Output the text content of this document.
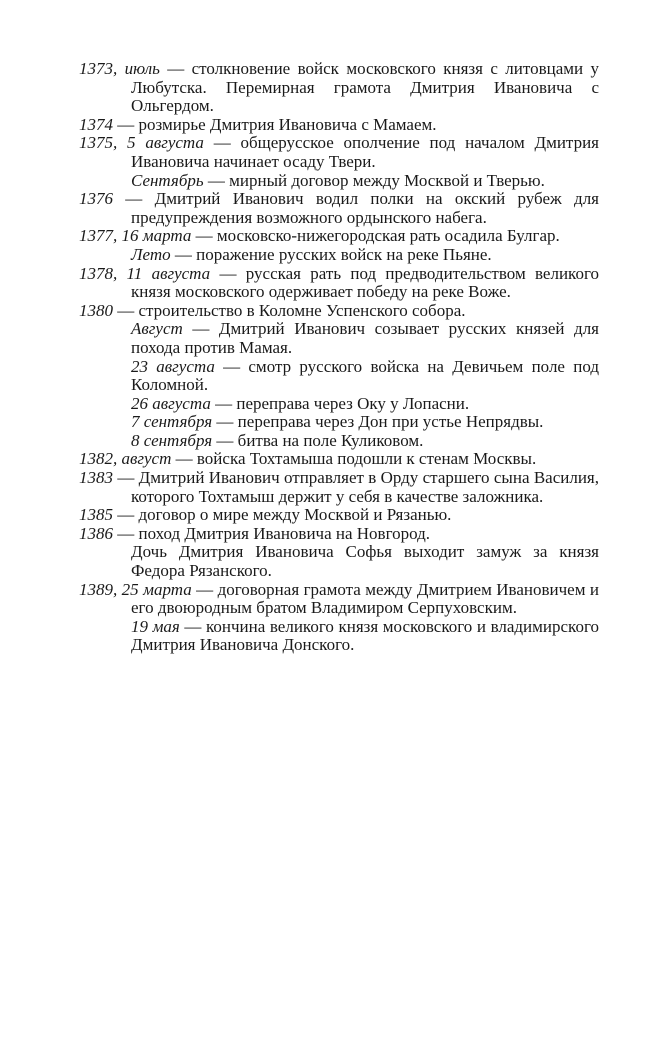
1373, июль — столкновение войск московского князя с литовцами у Любутска. Перемирная грамота Дмитрия Ивановича с Ольгердом.

1374 — розмирье Дмитрия Ивановича с Мамаем.

1375, 5 августа — общерусское ополчение под началом Дмитрия Ивановича начинает осаду Твери.

Сентябрь — мирный договор между Москвой и Тверью.

1376 — Дмитрий Иванович водил полки на окский рубеж для предупреждения возможного ордынского набега.

1377, 16 марта — московско-нижегородская рать осадила Булгар.

Лето — поражение русских войск на реке Пьяне.

1378, 11 августа — русская рать под предводительством великого князя московского одерживает победу на реке Воже.

1380 — строительство в Коломне Успенского собора.

Август — Дмитрий Иванович созывает русских князей для похода против Мамая.

23 августа — смотр русского войска на Девичьем поле под Коломной.

26 августа — переправа через Оку у Лопасни.

7 сентября — переправа через Дон при устье Непрядвы.

8 сентября — битва на поле Куликовом.

1382, август — войска Тохтамыша подошли к стенам Москвы.

1383 — Дмитрий Иванович отправляет в Орду старшего сына Василия, которого Тохтамыш держит у себя в качестве заложника.

1385 — договор о мире между Москвой и Рязанью.

1386 — поход Дмитрия Ивановича на Новгород.

Дочь Дмитрия Ивановича Софья выходит замуж за князя Федора Рязанского.

1389, 25 марта — договорная грамота между Дмитрием Ивановичем и его двоюродным братом Владимиром Серпуховским.

19 мая — кончина великого князя московского и владимирского Дмитрия Ивановича Донского.
